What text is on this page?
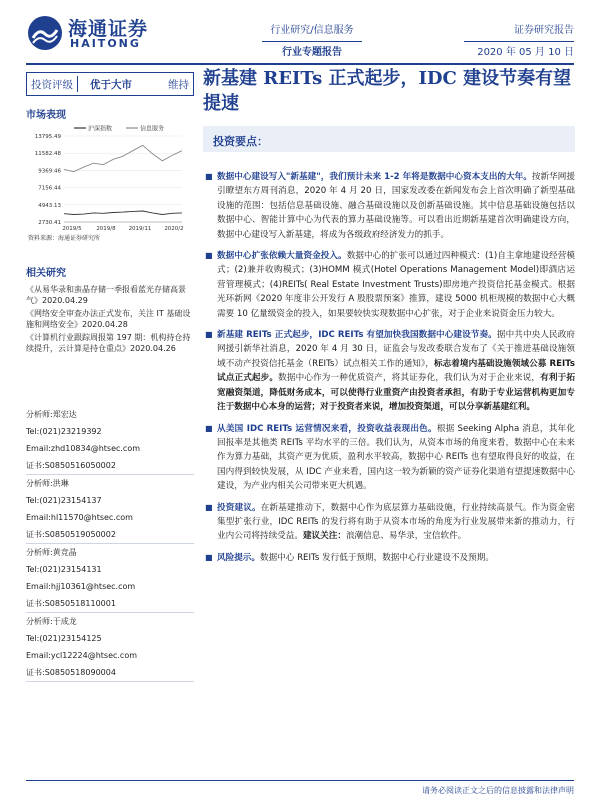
海通证券
HAITONG
行业研究/信息服务
行业专题报告
证券研究报告
2020 年 05 月 10 日
投资评级	优于大市	维持
市场表现
沪深指数	信息服务
2730.41
4943.13
7156.44
9369.46
11582.48
13795.49
2019/5	2019/8 2019/11 2020/2
资料来源：海通证券研究所
相关研究
《从易华录和蛮晶存储一季报看蓝光存储高景气》2020.04.29
《网络安全审查办法正式发布，关注 IT 基础设施和网络安全》2020.04.28
《计算机行业跟踪周报第 197 期：机构持仓持续提升，云计算是持仓重点》2020.04.26
分析师:郑宏达
Tel:(021)23219392
Email:zhd10834@htsec.com
证书:S0850516050002
分析师:洪琳
Tel:(021)23154137
Email:hl11570@htsec.com
证书:S0850519050002
分析师:黄竞晶
Tel:(021)23154131
Email:hjj10361@htsec.com
证书:S0850518110001
分析师:于成龙
Tel:(021)23154125
Email:ycl12224@htsec.com
证书:S0850518090004
新基建 REITs 正式起步，IDC 建设节奏有望提速
投资要点：
■ 数据中心建设写入"新基建"，我们预计未来 1-2 年将是数据中心资本支出的大年。按新华网援引瞭望东方周刊消息，2020 年 4 月 20 日，国家发改委在新闻发布会上首次明确了新型基础设施的范围：包括信息基础设施、融合基础设施以及创新基础设施。其中信息基础设施包括以数据中心、智能计算中心为代表的算力基础设施等。可以看出近期新基建首次明确建设方向，数据中心建设写入新基建，将成为各级政府经济发力的抓手。
■ 数据中心扩张依赖大量资金投入。数据中心的扩张可以通过四种模式：(1)自主拿地建设经营模式；(2)兼并收购模式；(3)HOMM 模式(Hotel Operations Management Model)即酒店运营管理模式；(4)REITs( Real Estate Investment Trusts)即房地产投资信托基金模式。根据光环新网《2020 年度非公开发行 A 股股票预案》推算，建设 5000 机柜规模的数据中心大概需要 10 亿量级资金的投入，如果要较快实现数据中心扩张，对于企业来说资金压力较大。
■ 新基建 REITs 正式起步，IDC REITs 有望加快我国数据中心建设节奏。据中共中央人民政府网援引新华社消息，2020 年 4 月 30 日，证监会与发改委联合发布了《关于推进基础设施领域不动产投资信托基金（REITs）试点相关工作的通知》，标志着境内基础设施领域公募 REITs 试点正式起步。数据中心作为一种优质资产，将其证券化，我们认为对于企业来说，有利于拓宽融资渠道，降低财务成本，可以使得行业重资产由投资者承担，有助于专业运营机构更加专注于数据中心本身的运营；对于投资者来说，增加投资渠道，可以分享新基建红利。
■ 从美国 IDC REITs 运营情况来看，投资收益表现出色。根据 Seeking Alpha 消息，其年化回报率是其他类 REITs 平均水平的三倍。我们认为，从资本市场的角度来看，数据中心在未来作为算力基础，其资产更为优质，盈利水平较高，数据中心 REITs 也有望取得良好的收益，在国内得到较快发展，从 IDC 产业来看，国内这一较为新颖的资产证券化渠道有望提速数据中心建设，为产业内相关公司带来更大机遇。
■ 投资建议。在新基建推动下，数据中心作为底层算力基础设施，行业持续高景气。作为资金密集型扩张行业，IDC REITs 的发行将有助于从资本市场的角度为行业发展带来新的推动力，行业内公司将持续受益。建议关注：浪潮信息、易华录，宝信软件。
■ 风险提示。数据中心 REITs 发行低于预期，数据中心行业建设不及预期。
请务必阅读正文之后的信息披露和法律声明
